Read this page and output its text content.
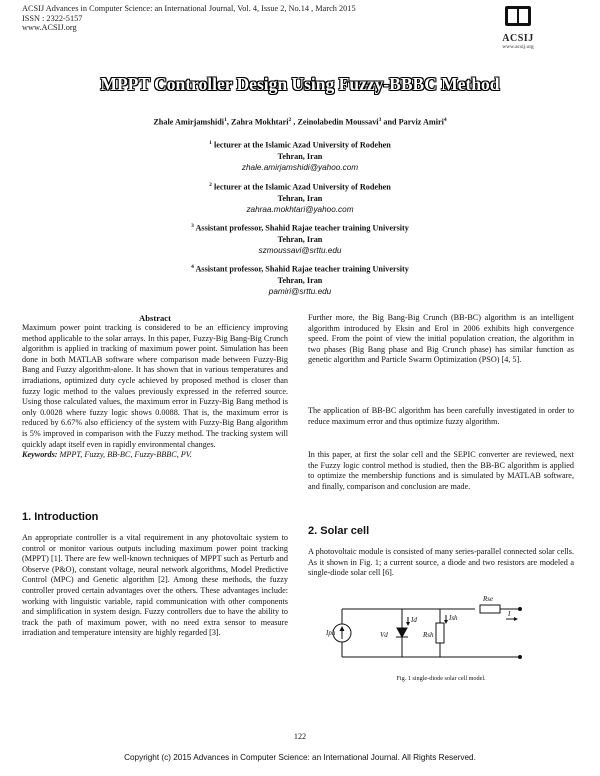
ACSIJ Advances in Computer Science: an International Journal, Vol. 4, Issue 2, No.14 , March 2015
ISSN : 2322-5157
www.ACSIJ.org
ACSIJ
www.acsij.org
MPPT Controller Design Using Fuzzy-BBBC Method
Zhale Amirjamshidi$^1$, Zahra Mokhtari$^2$ , Zeinolabedin Moussavi$^3$ and Parviz Amiri$^4$
$^1$ lecturer at the Islamic Azad University of Rodehen
Tehran, Iran
zhale.amirjamshidi@yahoo.com
$^2$ lecturer at the Islamic Azad University of Rodehen
Tehran, Iran
zahraa.mokhtari@yahoo.com
$^3$ Assistant professor, Shahid Rajae teacher training University
Tehran, Iran
szmoussavi@srttu.edu
$^4$ Assistant professor, Shahid Rajae teacher training University
Tehran, Iran
pamiri@srttu.edu
Abstract
Maximum power point tracking is considered to be an efficiency improving method applicable to the solar arrays. In this paper, Fuzzy-Big Bang-Big Crunch algorithm is applied in tracking of maximum power point. Simulation has been done in both MATLAB software where comparison made between Fuzzy-Big Bang and Fuzzy algorithm-alone. It has shown that in various temperatures and irradiations, optimized duty cycle achieved by proposed method is closer than fuzzy logic method to the values previously expressed in the referred source. Using those calculated values, the maximum error in Fuzzy-Big Bang method is only 0.0028 where fuzzy logic shows 0.0088. That is, the maximum error is reduced by 6.67% also efficiency of the system with Fuzzy-Big Bang algorithm is 5% improved in comparison with the Fuzzy method. The tracking system will quickly adapt itself even in rapidly environmental changes.
Keywords: MPPT, Fuzzy, BB-BC, Fuzzy-BBBC, PV.
1. Introduction
An appropriate controller is a vital requirement in any photovoltaic system to control or monitor various outputs including maximum power point tracking (MPPT) [1]. There are few well-known techniques of MPPT such as Perturb and Observe (P&O), constant voltage, neural network algorithms, Model Predictive Control (MPC) and Genetic algorithm [2]. Among these methods, the fuzzy controller proved certain advantages over the others. These advantages include: working with linguistic variable, rapid communication with other components and simplification in system design. Fuzzy controllers due to have the ability to track the path of maximum power, with no need extra sensor to measure irradiation and temperature intensity are highly regarded [3].
Further more, the Big Bang-Big Crunch (BB-BC) algorithm is an intelligent algorithm introduced by Eksin and Erol in 2006 exhibits high convergence speed. From the point of view the initial population creation, the algorithm in two phases (Big Bang phase and Big Crunch phase) has similar function as genetic algorithm and Particle Swarm Optimization (PSO) [4, 5].
The application of BB-BC algorithm has been carefully investigated in order to reduce maximum error and thus optimize fuzzy algorithm.
In this paper, at first the solar cell and the SEPIC converter are reviewed, next the Fuzzy logic control method is studied, then the BB-BC algorithm is applied to optimize the membership functions and is simulated by MATLAB software, and finally, comparison and conclusion are made.
2. Solar cell
A photovoltaic module is consisted of many series-parallel connected solar cells. As it shown in Fig. 1; a current source, a diode and two resistors are modeled a single-diode solar cell [6].
Iph	Vd
Id
Rsh
Ish
Rse
I
Fig. 1 single-diode solar cell model.
122
Copyright (c) 2015 Advances in Computer Science: an International Journal. All Rights Reserved.
